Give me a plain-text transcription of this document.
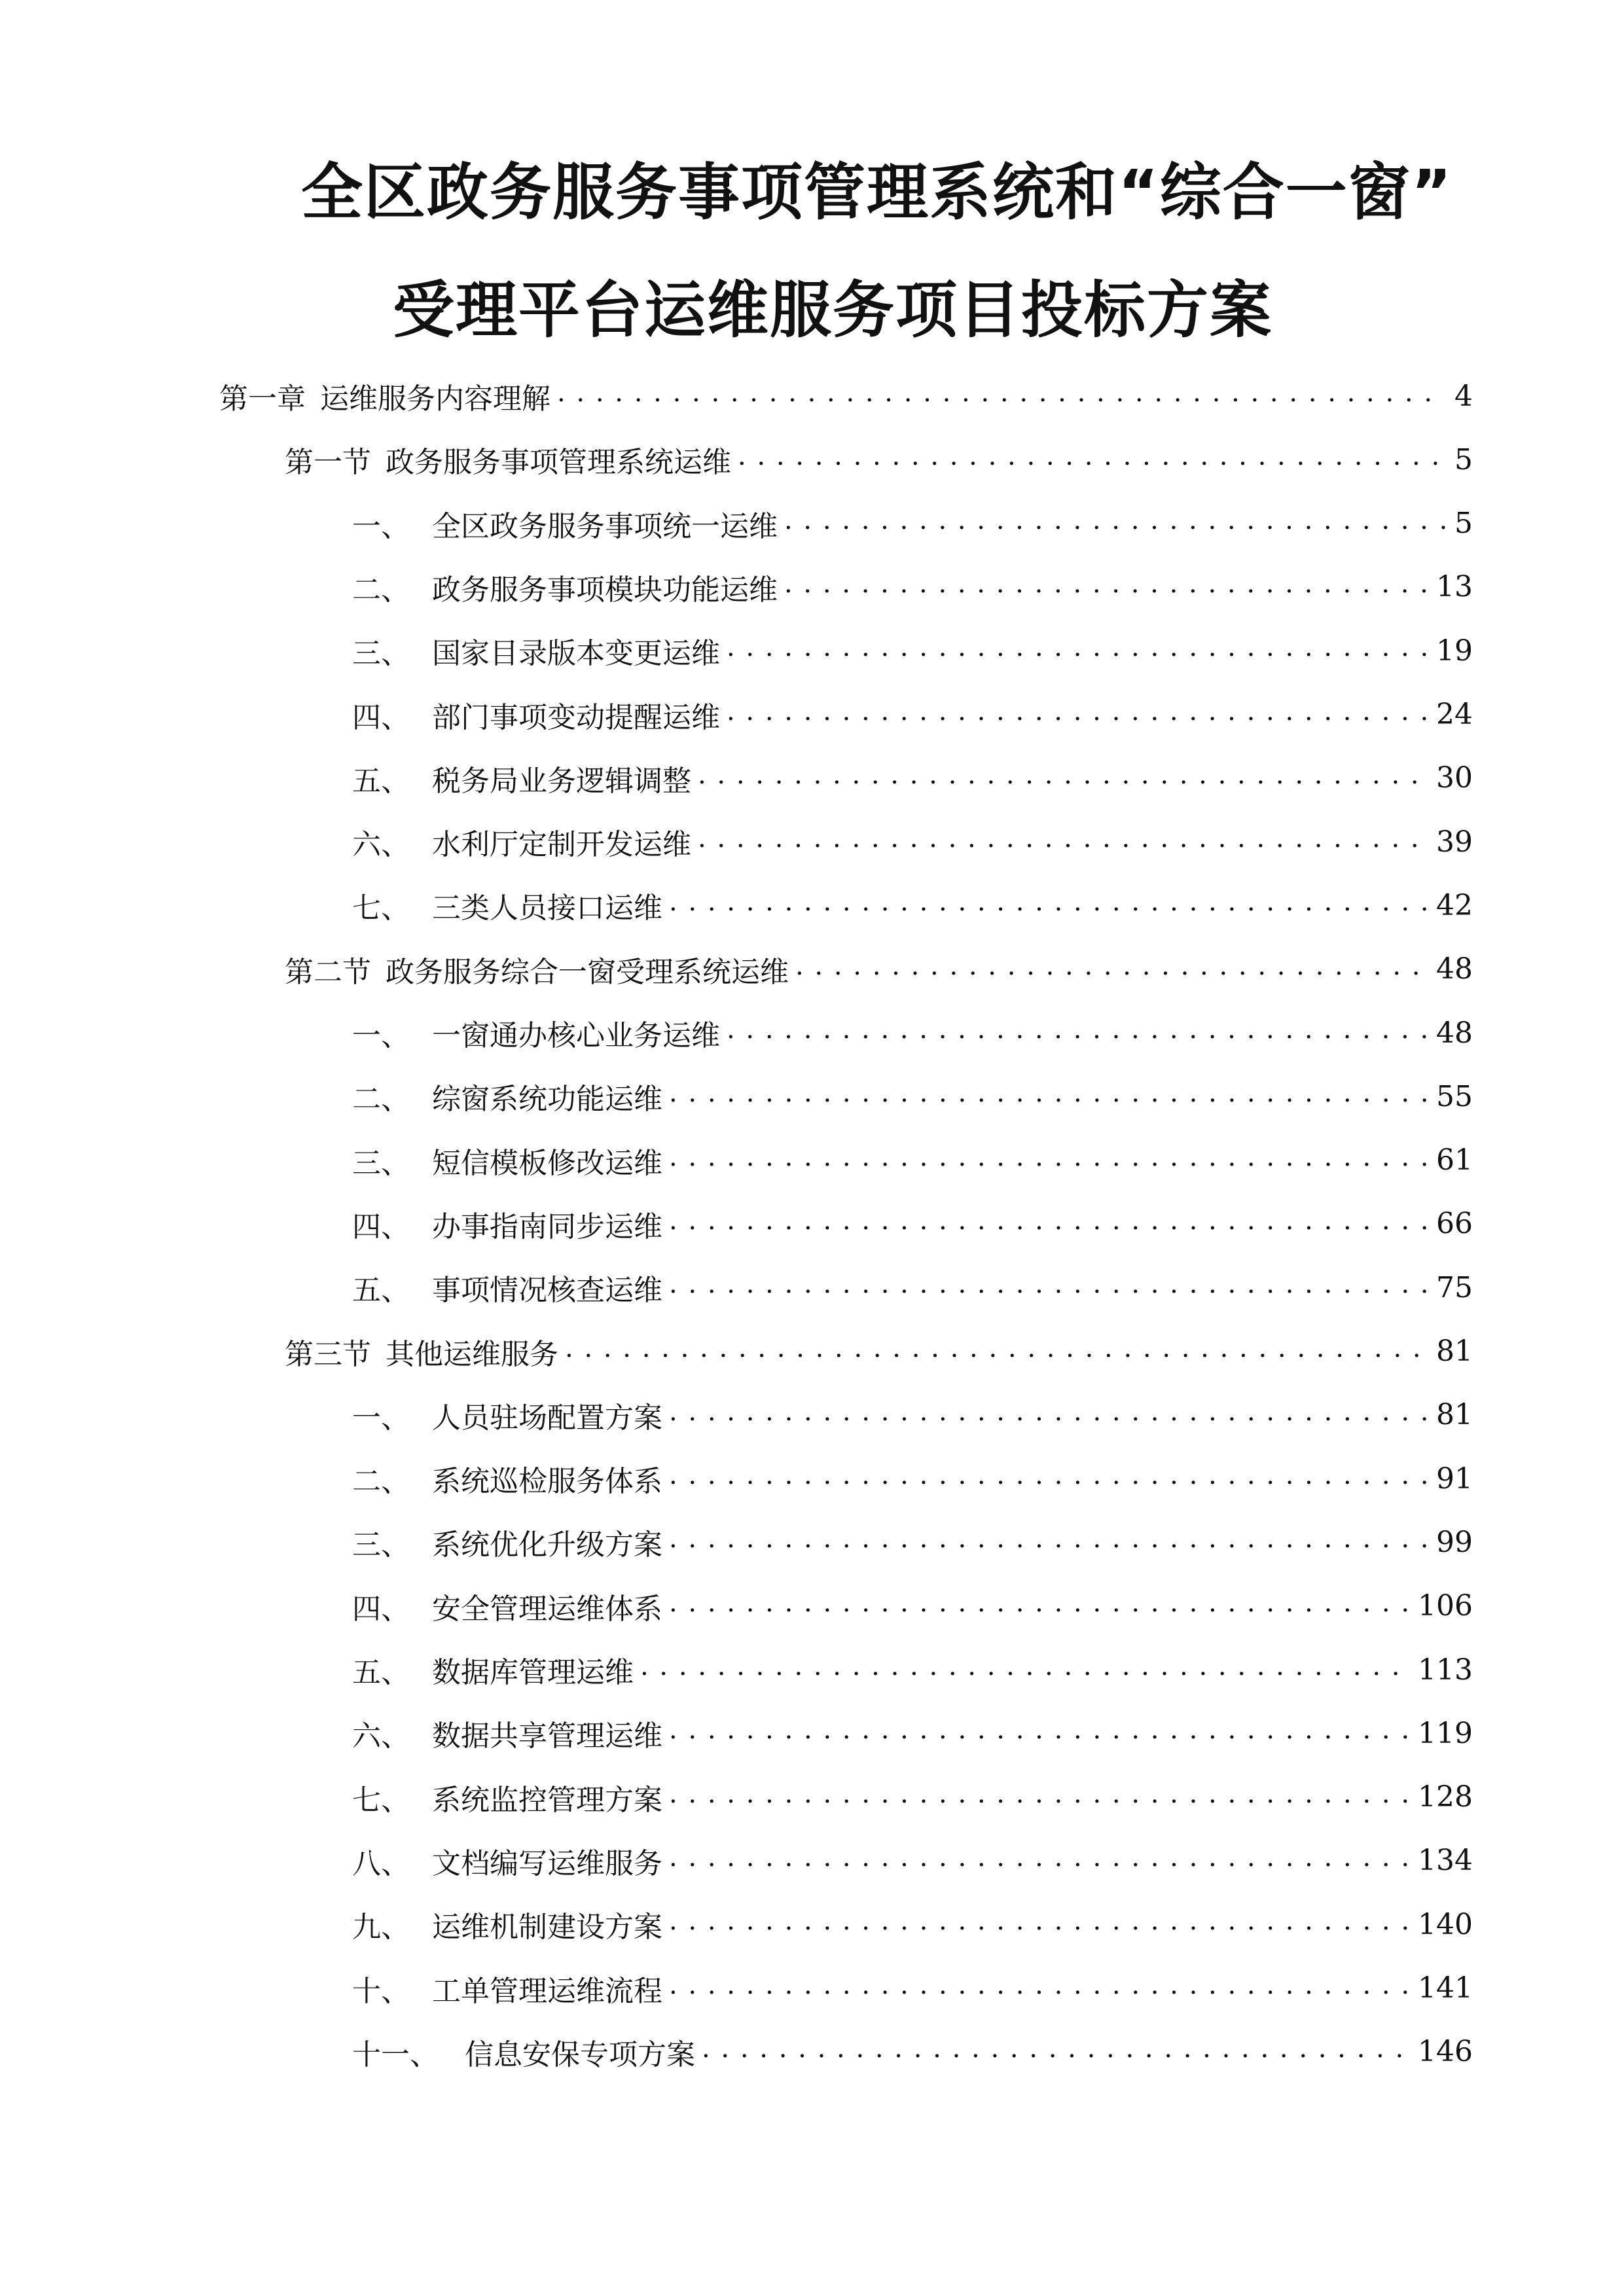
全区政务服务事项管理系统和“综合一窗”
受理平台运维服务项目投标方案
第一章 运维服务内容理解 . . .	4
第一节 政务服务事项管理系统运维 . . .	5
一、 全区政务服务事项统一运维 . . .	5
二、 政务服务事项模块功能运维 . . .	13
三、 国家目录版本变更运维 . . .	19
四、 部门事项变动提醒运维 . . .	24
五、 税务局业务逻辑调整 . . .	30
六、 水利厅定制开发运维 . . .	39
七、 三类人员接口运维 . . .	42
第二节 政务服务综合一窗受理系统运维 . . .	48
一、 一窗通办核心业务运维 . . .	48
二、 综窗系统功能运维 . . .	55
三、 短信模板修改运维 . . .	61
四、 办事指南同步运维 . . .	66
五、 事项情况核查运维 . . .	75
第三节 其他运维服务 . . .	81
一、 人员驻场配置方案 . . .	81
二、 系统巡检服务体系 . . .	91
三、 系统优化升级方案 . . .	99
四、 安全管理运维体系 . . .	106
五、 数据库管理运维 . . .	113
六、 数据共享管理运维 . . .	119
七、 系统监控管理方案 . . .	128
八、 文档编写运维服务 . . .	134
九、 运维机制建设方案 . . .	140
十、 工单管理运维流程 . . .	141
十一、 信息安保专项方案 . . .	146
